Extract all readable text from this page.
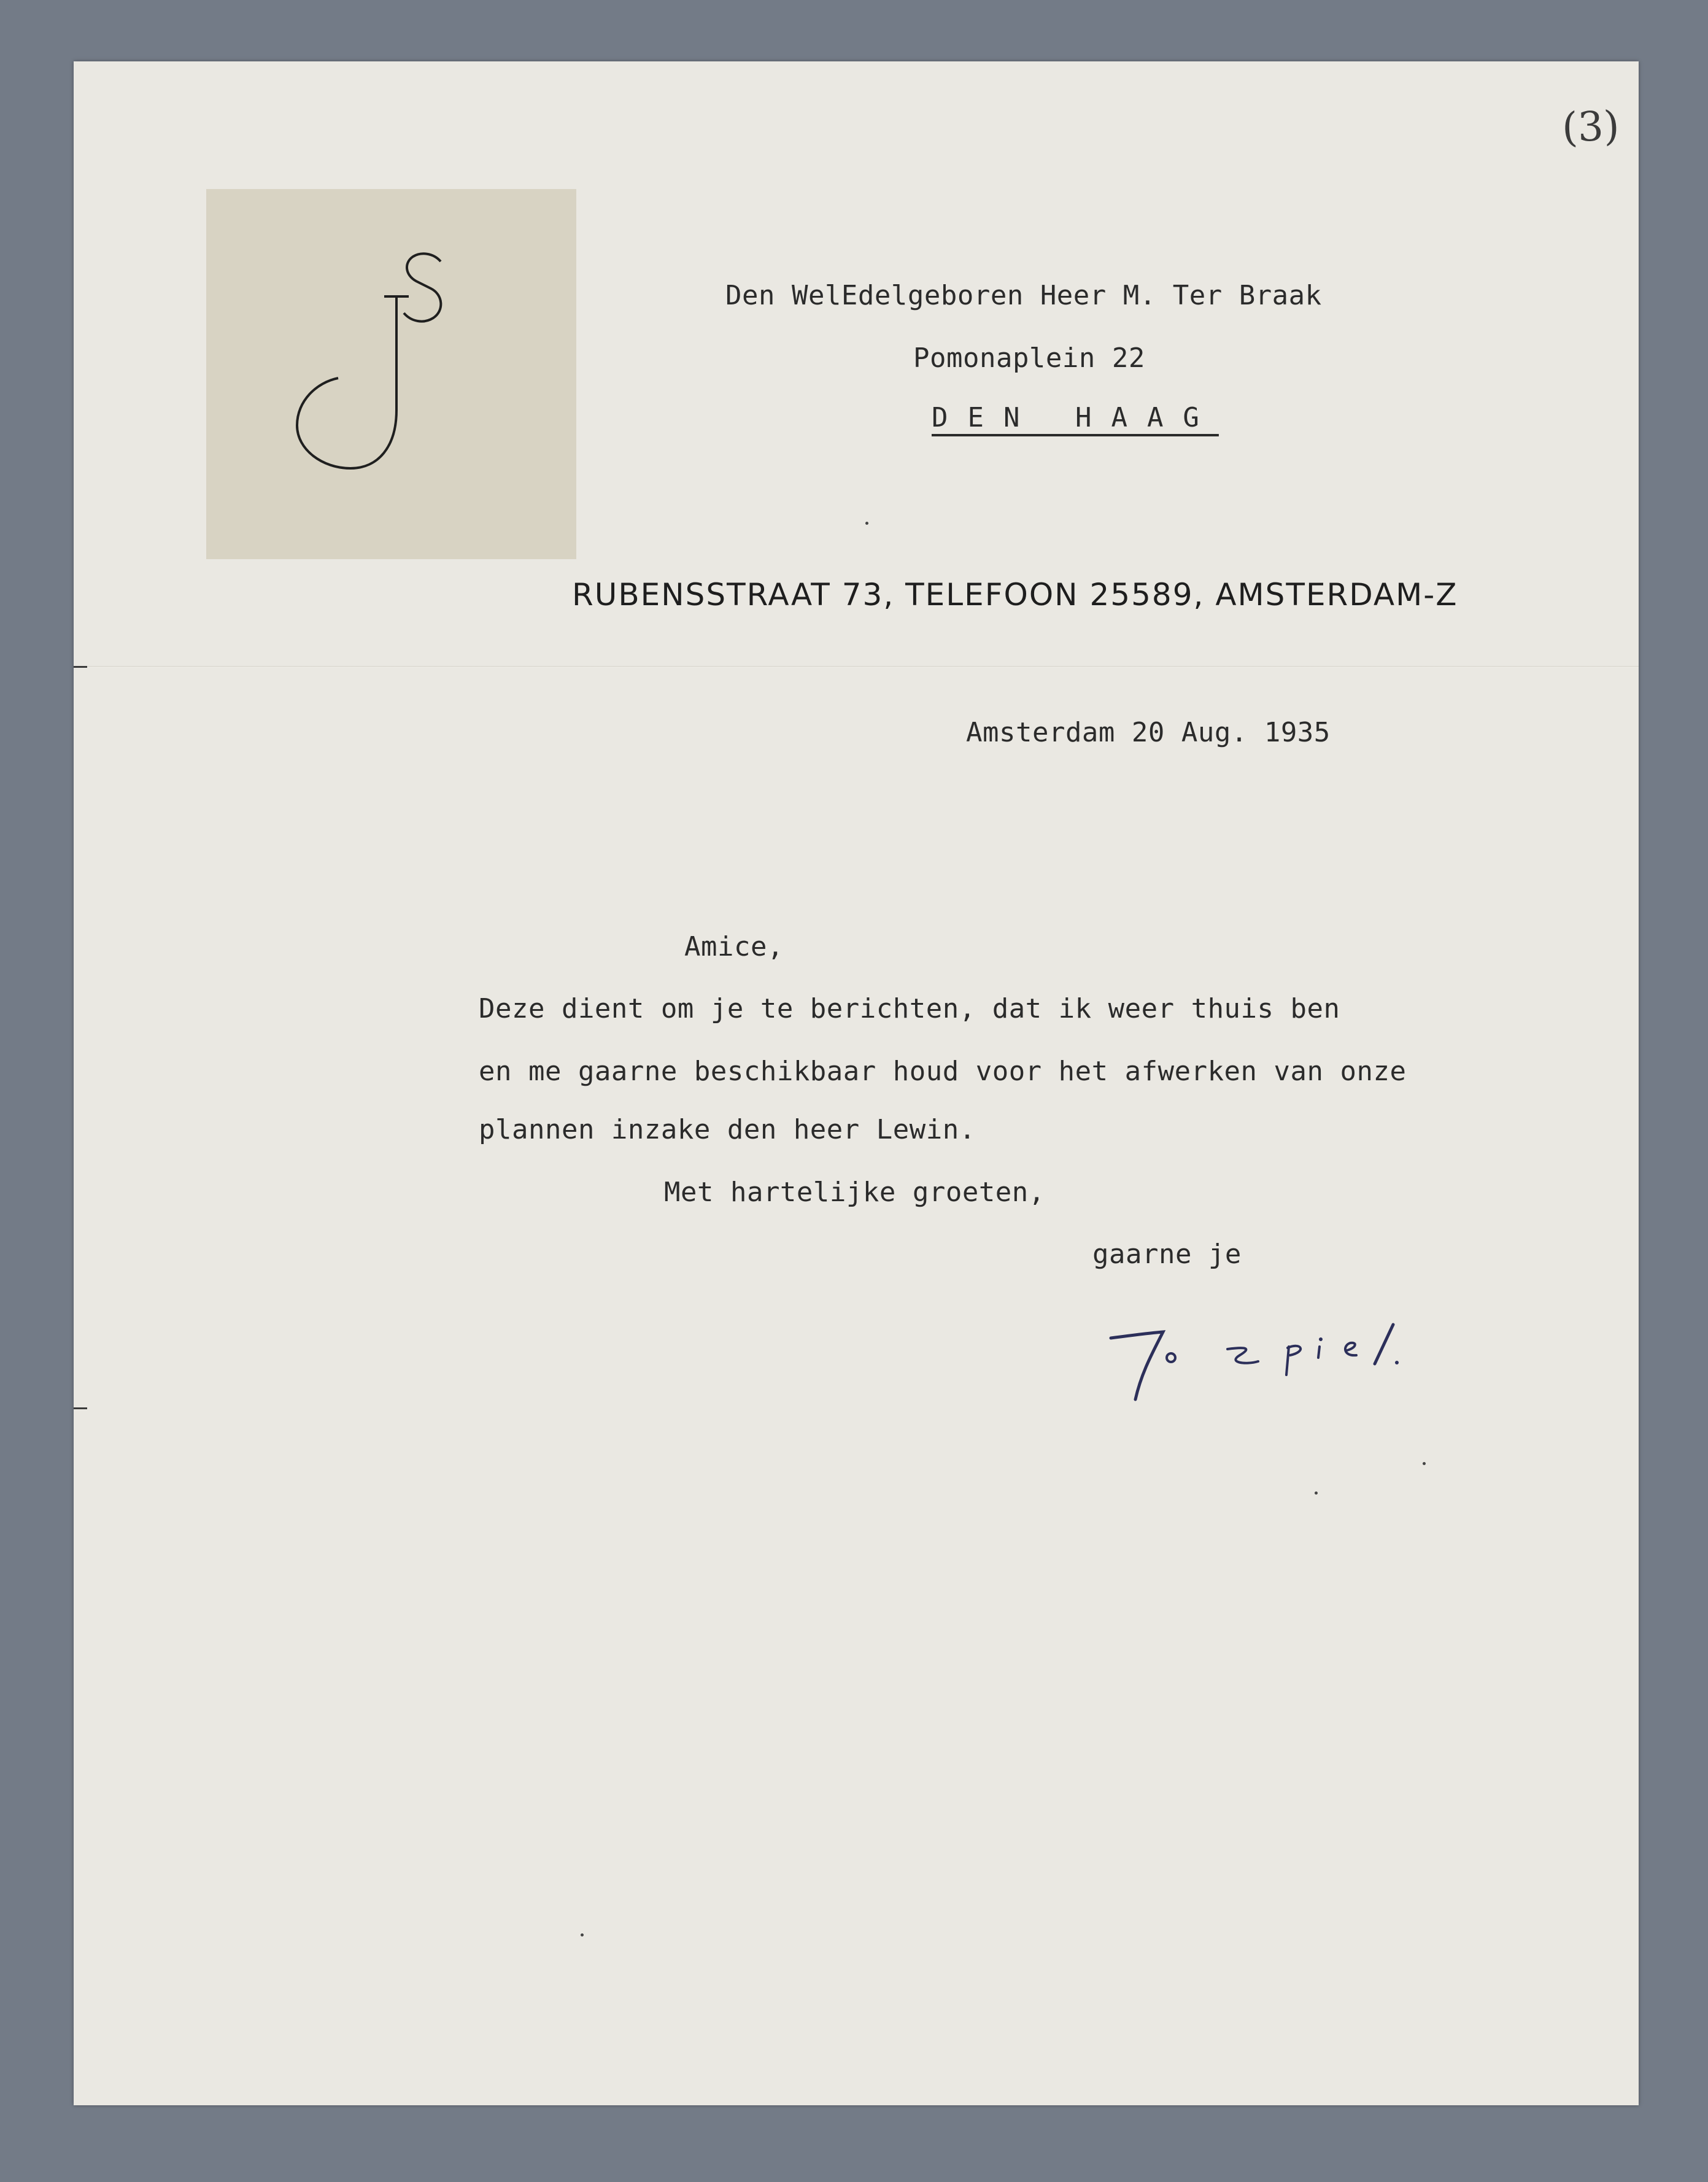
(3)
Den WelEdelgeboren Heer M. Ter Braak
Pomonaplein 22
DEN HAAG
RUBENSSTRAAT 73, TELEFOON 25589, AMSTERDAM-Z
Amsterdam 20 Aug. 1935
Amice,
Deze dient om je te berichten, dat ik weer thuis ben
en me gaarne beschikbaar houd voor het afwerken van onze
plannen inzake den heer Lewin.
Met hartelijke groeten,
gaarne je
